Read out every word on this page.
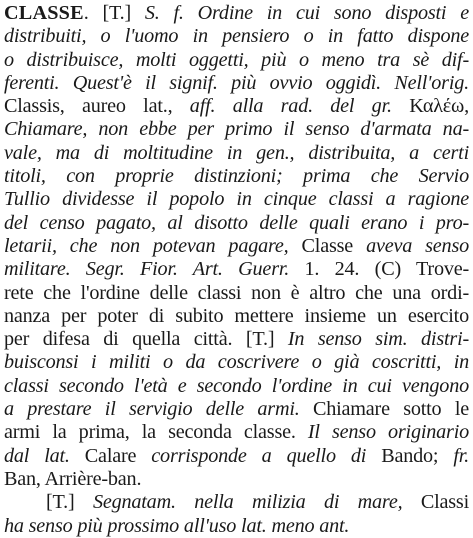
CLASSE. [T.] S. f. Ordine in cui sono disposti e
distribuiti, o l'uomo in pensiero o in fatto dispone
o distribuisce, molti oggetti, più o meno tra sè dif-
ferenti. Quest'è il signif. più ovvio oggidì. Nell'orig.
Classis, aureo lat., aff. alla rad. del gr. Καλέω,
Chiamare, non ebbe per primo il senso d'armata na-
vale, ma di moltitudine in gen., distribuita, a certi
titoli, con proprie distinzioni; prima che Servio
Tullio dividesse il popolo in cinque classi a ragione
del censo pagato, al disotto delle quali erano i pro-
letarii, che non potevan pagare, Classe aveva senso
militare. Segr. Fior. Art. Guerr. 1. 24. (C) Trove-
rete che l'ordine delle classi non è altro che una ordi-
nanza per poter di subito mettere insieme un esercito
per difesa di quella città. [T.] In senso sim. distri-
buisconsi i militi o da coscrivere o già coscritti, in
classi secondo l'età e secondo l'ordine in cui vengono
a prestare il servigio delle armi. Chiamare sotto le
armi la prima, la seconda classe. Il senso originario
dal lat. Calare corrisponde a quello di Bando; fr.
Ban, Arrière-ban.
[T.] Segnatam. nella milizia di mare, Classi
ha senso più prossimo all'uso lat. meno ant.
